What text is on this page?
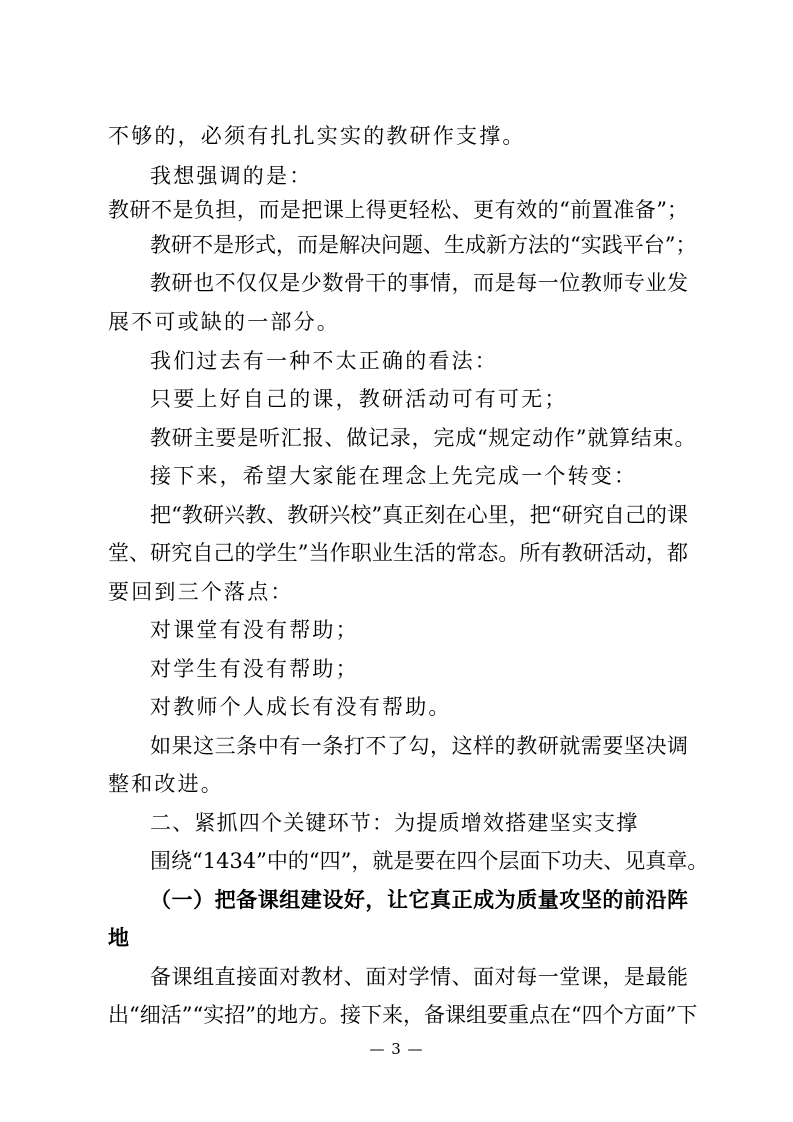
不够的，必须有扎扎实实的教研作支撑。
我想强调的是：
教研不是负担，而是把课上得更轻松、更有效的“前置准备”；
教研不是形式，而是解决问题、生成新方法的“实践平台”；
教研也不仅仅是少数骨干的事情，而是每一位教师专业发
展不可或缺的一部分。
我们过去有一种不太正确的看法：
只要上好自己的课，教研活动可有可无；
教研主要是听汇报、做记录，完成“规定动作”就算结束。
接下来，希望大家能在理念上先完成一个转变：
把“教研兴教、教研兴校”真正刻在心里，把“研究自己的课
堂、研究自己的学生”当作职业生活的常态。所有教研活动，都
要回到三个落点：
对课堂有没有帮助；
对学生有没有帮助；
对教师个人成长有没有帮助。
如果这三条中有一条打不了勾，这样的教研就需要坚决调
整和改进。
二、紧抓四个关键环节：为提质增效搭建坚实支撑
围绕“1434”中的“四”，就是要在四个层面下功夫、见真章。
（一）把备课组建设好，让它真正成为质量攻坚的前沿阵
地
备课组直接面对教材、面对学情、面对每一堂课，是最能
出“细活”“实招”的地方。接下来，备课组要重点在“四个方面”下
— 3 —
